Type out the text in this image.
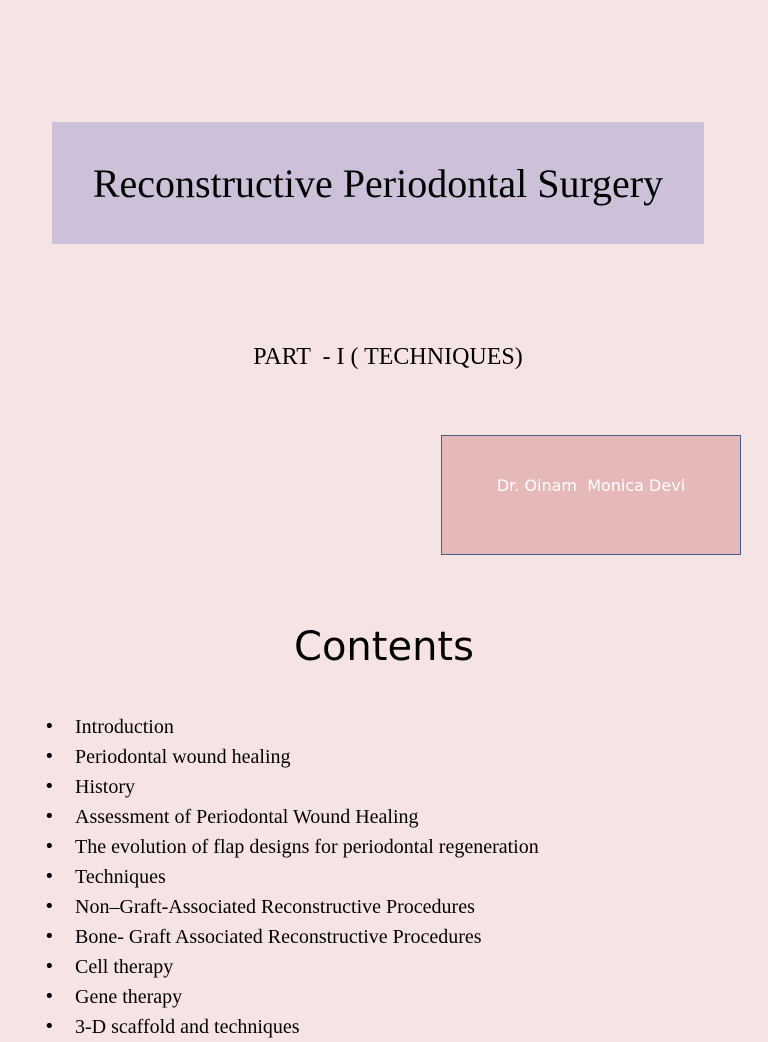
Reconstructive Periodontal Surgery
PART  - I ( TECHNIQUES)
Dr. Oinam  Monica Devi
Contents
• Introduction
• Periodontal wound healing
• History
• Assessment of Periodontal Wound Healing
• The evolution of flap designs for periodontal regeneration
• Techniques
• Non–Graft-Associated Reconstructive Procedures
• Bone- Graft Associated Reconstructive Procedures
• Cell therapy
• Gene therapy
• 3-D scaffold and techniques
